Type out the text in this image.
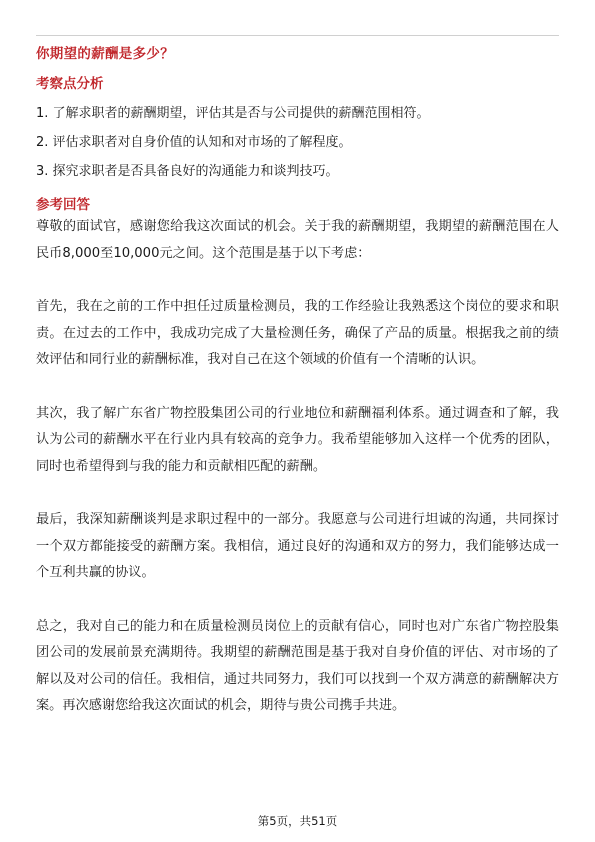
你期望的薪酬是多少？
考察点分析
1. 了解求职者的薪酬期望，评估其是否与公司提供的薪酬范围相符。
2. 评估求职者对自身价值的认知和对市场的了解程度。
3. 探究求职者是否具备良好的沟通能力和谈判技巧。
参考回答

尊敬的面试官，感谢您给我这次面试的机会。关于我的薪酬期望，我期望的薪酬范围在人民币8,000至10,000元之间。这个范围是基于以下考虑：

首先，我在之前的工作中担任过质量检测员，我的工作经验让我熟悉这个岗位的要求和职责。在过去的工作中，我成功完成了大量检测任务，确保了产品的质量。根据我之前的绩效评估和同行业的薪酬标准，我对自己在这个领域的价值有一个清晰的认识。

其次，我了解广东省广物控股集团公司的行业地位和薪酬福利体系。通过调查和了解，我认为公司的薪酬水平在行业内具有较高的竞争力。我希望能够加入这样一个优秀的团队，同时也希望得到与我的能力和贡献相匹配的薪酬。

最后，我深知薪酬谈判是求职过程中的一部分。我愿意与公司进行坦诚的沟通，共同探讨一个双方都能接受的薪酬方案。我相信，通过良好的沟通和双方的努力，我们能够达成一个互利共赢的协议。

总之，我对自己的能力和在质量检测员岗位上的贡献有信心，同时也对广东省广物控股集团公司的发展前景充满期待。我期望的薪酬范围是基于我对自身价值的评估、对市场的了解以及对公司的信任。我相信，通过共同努力，我们可以找到一个双方满意的薪酬解决方案。再次感谢您给我这次面试的机会，期待与贵公司携手共进。

第5页，共51页
